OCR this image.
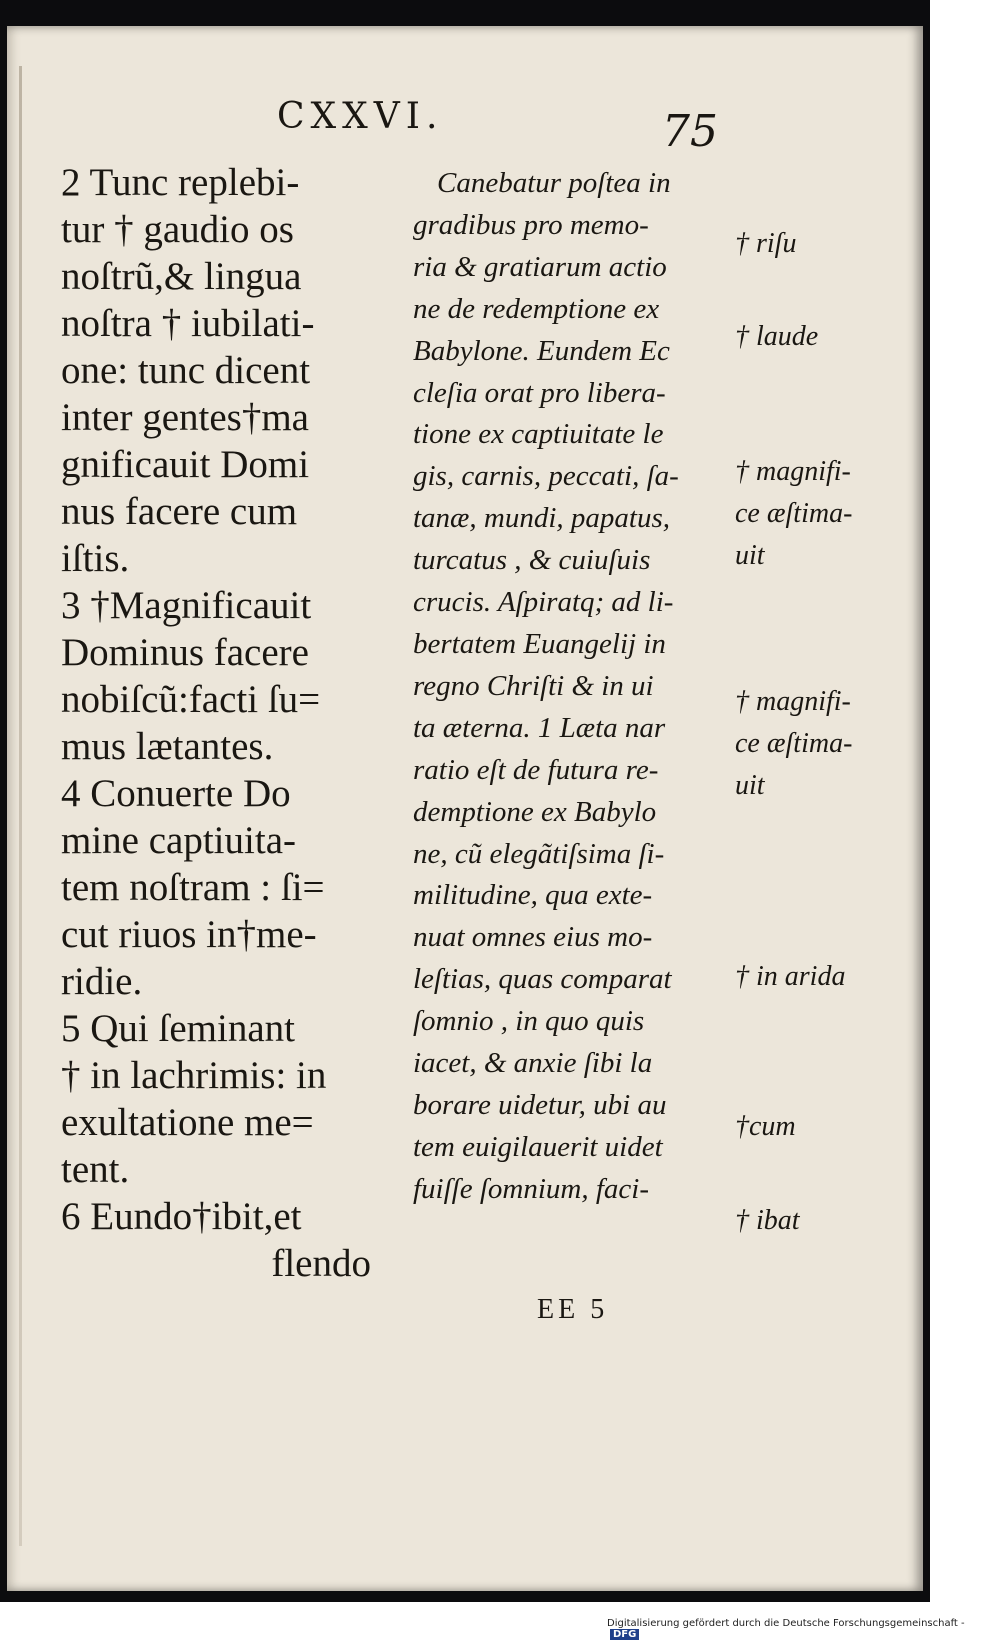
CXXVI.	75
2 Tunc replebi-
tur † gaudio os
noſtrũ,& lingua
noſtra † iubilati-
one: tunc dicent
inter gentes†ma
gnificauit Domi
nus facere cum
iſtis.
3 †Magnificauit
Dominus facere
nobiſcũ:facti ſu=
mus lætantes.
4 Conuerte Do
mine captiuita-
tem noſtram : ſi=
cut riuos in†me-
ridie.
5 Qui ſeminant
† in lachrimis: in
exultatione me=
tent.
6 Eundo†ibit,et
flendo
Canebatur poſtea in
gradibus pro memo-
ria & gratiarum actio
ne de redemptione ex
Babylone. Eundem Ec
cleſia orat pro libera-
tione ex captiuitate le
gis, carnis, peccati, ſa-
tanæ, mundi, papatus,
turcatus , & cuiuſuis
crucis. Aſpiratq; ad li-
bertatem Euangelij in
regno Chriſti & in ui
ta æterna. 1 Læta nar
ratio eſt de futura re-
demptione ex Babylo
ne, cũ elegãtiſsima ſi-
militudine, qua exte-
nuat omnes eius mo-
leſtias, quas comparat
ſomnio , in quo quis
iacet, & anxie ſibi la
borare uidetur, ubi au
tem euigilauerit uidet
fuiſſe ſomnium, faci-
† riſu
† laude
† magnifi-
ce æſtima-
uit
† magnifi-
ce æſtima-
uit
† in arida
†cum
† ibat
EE 5
Digitalisierung gefördert durch die Deutsche Forschungsgemeinschaft - DFG
